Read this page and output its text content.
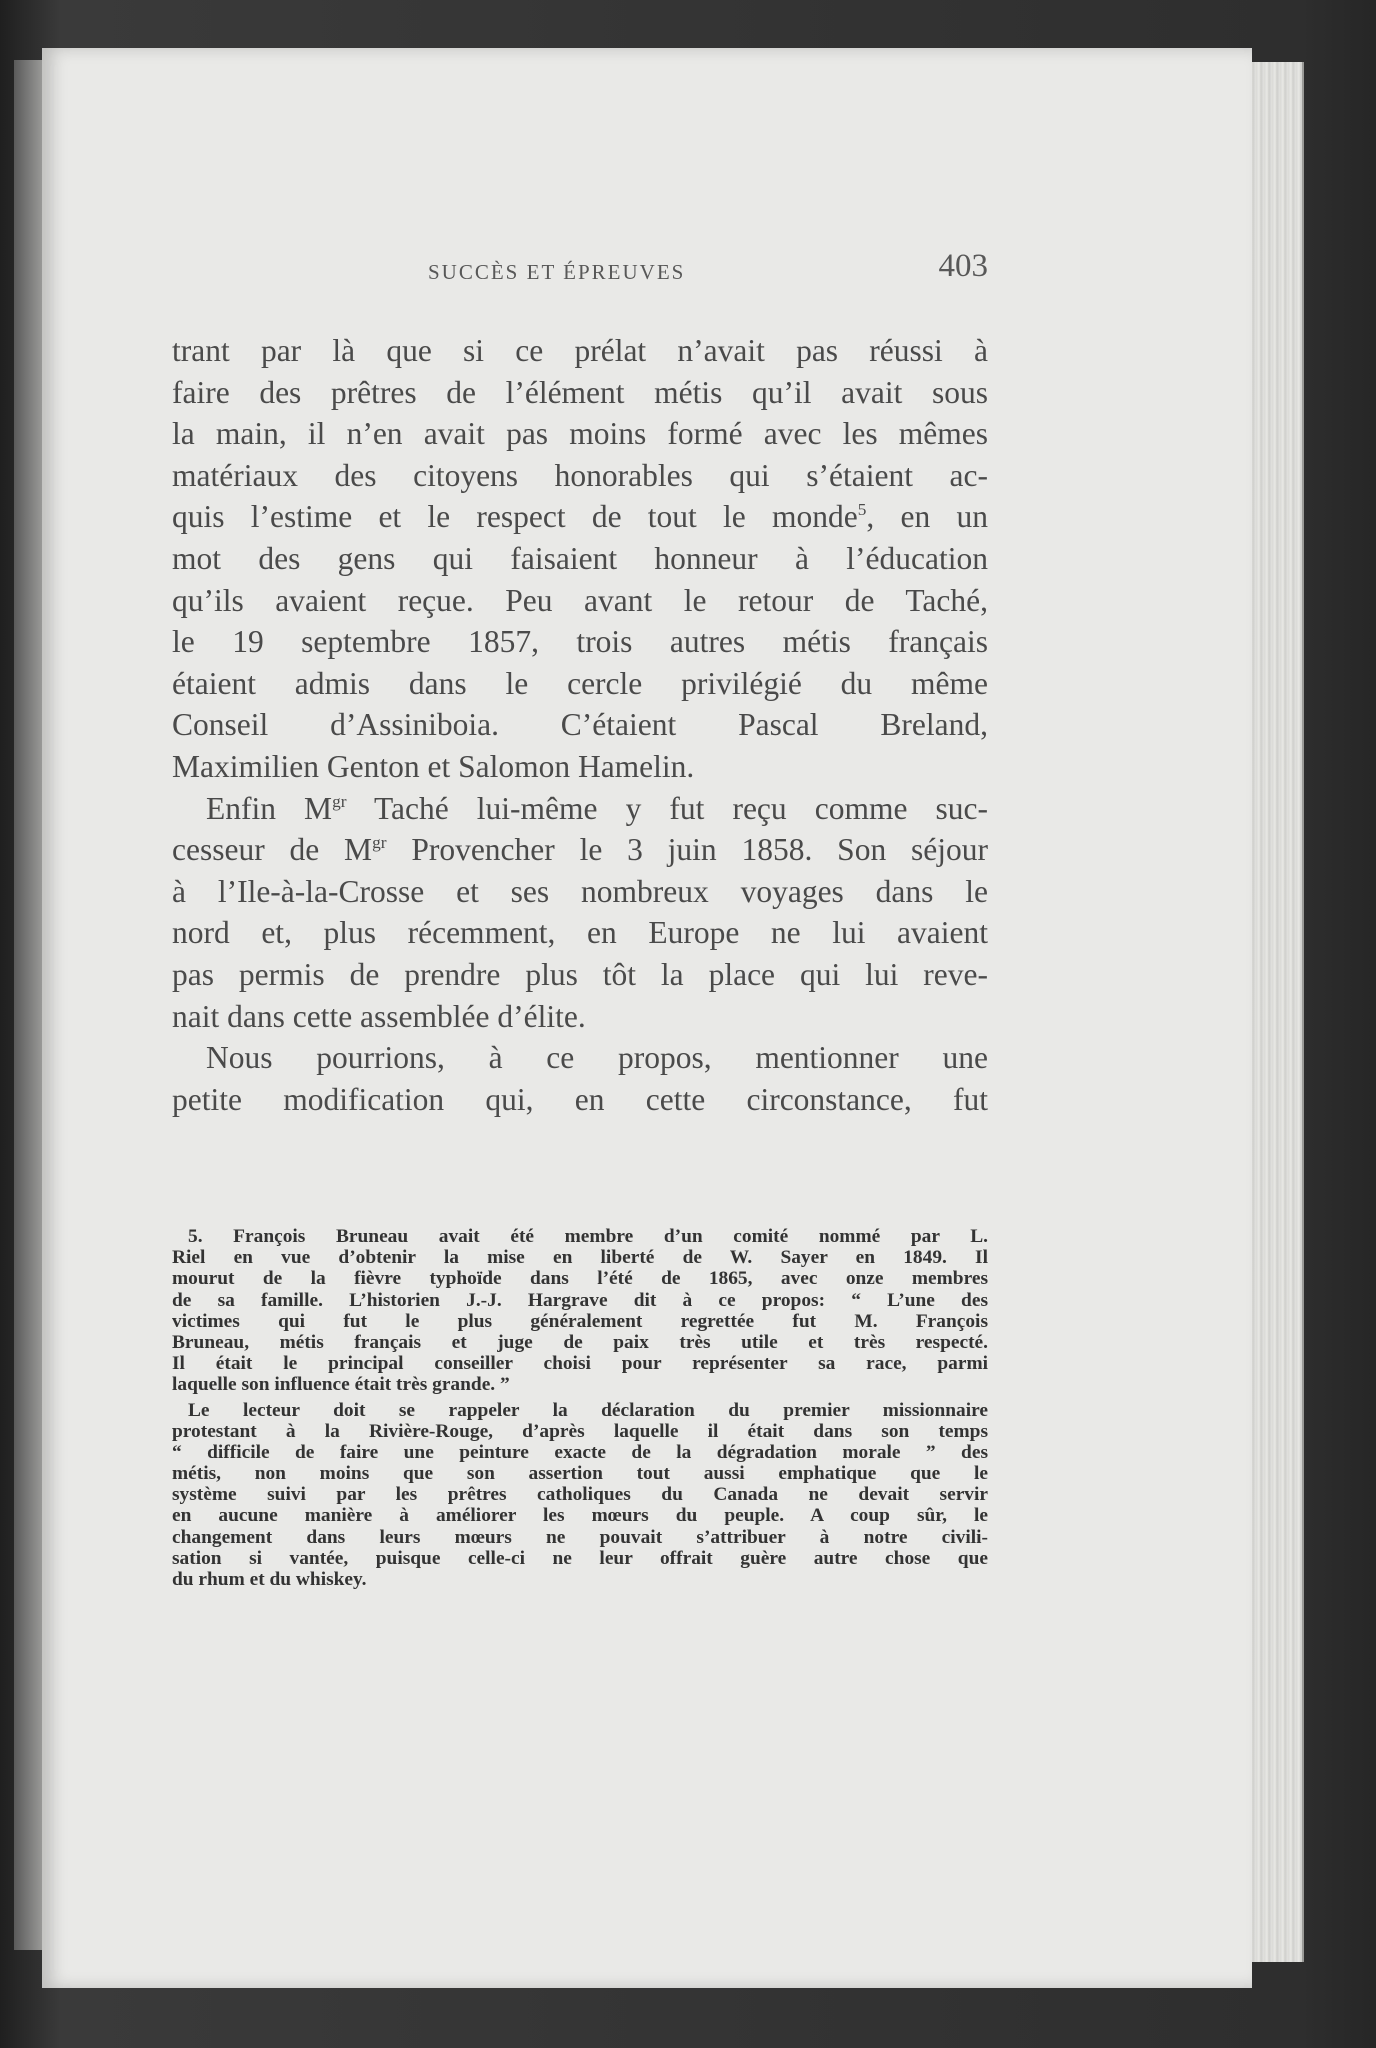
SUCCÈS ET ÉPREUVES	403
trant par là que si ce prélat n’avait pas réussi à
faire des prêtres de l’élément métis qu’il avait sous
la main, il n’en avait pas moins formé avec les mêmes
matériaux des citoyens honorables qui s’étaient ac-
quis l’estime et le respect de tout le monde$^5$, en un
mot des gens qui faisaient honneur à l’éducation
qu’ils avaient reçue. Peu avant le retour de Taché,
le 19 septembre 1857, trois autres métis français
étaient admis dans le cercle privilégié du même
Conseil d’Assiniboia. C’étaient Pascal Breland,
Maximilien Genton et Salomon Hamelin.
Enfin $M^{gr}$ Taché lui-même y fut reçu comme suc-
cesseur de $M^{gr}$ Provencher le 3 juin 1858. Son séjour
à l’Ile-à-la-Crosse et ses nombreux voyages dans le
nord et, plus récemment, en Europe ne lui avaient
pas permis de prendre plus tôt la place qui lui reve-
nait dans cette assemblée d’élite.
Nous pourrions, à ce propos, mentionner une
petite modification qui, en cette circonstance, fut
5. François Bruneau avait été membre d’un comité nommé par L.
Riel en vue d’obtenir la mise en liberté de W. Sayer en 1849. Il
mourut de la fièvre typhoïde dans l’été de 1865, avec onze membres
de sa famille. L’historien J.-J. Hargrave dit à ce propos: “ L’une des
victimes qui fut le plus généralement regrettée fut M. François
Bruneau, métis français et juge de paix très utile et très respecté.
Il était le principal conseiller choisi pour représenter sa race, parmi
laquelle son influence était très grande. ”
Le lecteur doit se rappeler la déclaration du premier missionnaire
protestant à la Rivière-Rouge, d’après laquelle il était dans son temps
“ difficile de faire une peinture exacte de la dégradation morale ” des
métis, non moins que son assertion tout aussi emphatique que le
système suivi par les prêtres catholiques du Canada ne devait servir
en aucune manière à améliorer les mœurs du peuple. A coup sûr, le
changement dans leurs mœurs ne pouvait s’attribuer à notre civili-
sation si vantée, puisque celle-ci ne leur offrait guère autre chose que
du rhum et du whiskey.
